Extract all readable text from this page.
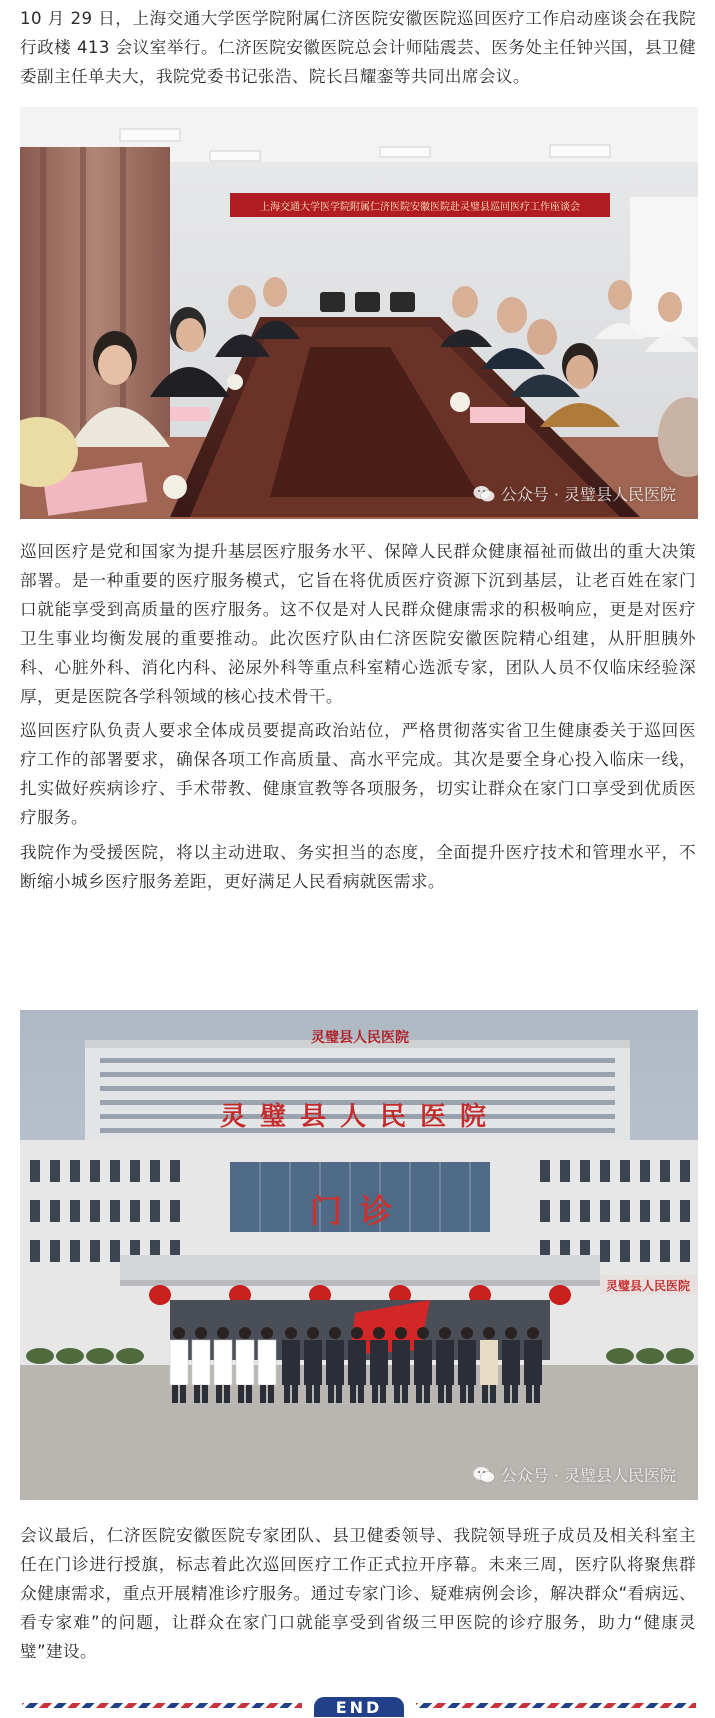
10 月 29 日，上海交通大学医学院附属仁济医院安徽医院巡回医疗工作启动座谈会在我院行政楼 413 会议室举行。仁济医院安徽医院总会计师陆震芸、医务处主任钟兴国，县卫健委副主任单夫大，我院党委书记张浩、院长吕耀銮等共同出席会议。

上海交通大学医学院附属仁济医院安徽医院赴灵璧县巡回医疗工作座谈会
公众号 · 灵璧县人民医院

巡回医疗是党和国家为提升基层医疗服务水平、保障人民群众健康福祉而做出的重大决策部署。是一种重要的医疗服务模式，它旨在将优质医疗资源下沉到基层，让老百姓在家门口就能享受到高质量的医疗服务。这不仅是对人民群众健康需求的积极响应，更是对医疗卫生事业均衡发展的重要推动。此次医疗队由仁济医院安徽医院精心组建，从肝胆胰外科、心脏外科、消化内科、泌尿外科等重点科室精心选派专家，团队人员不仅临床经验深厚，更是医院各学科领域的核心技术骨干。

巡回医疗队负责人要求全体成员要提高政治站位，严格贯彻落实省卫生健康委关于巡回医疗工作的部署要求，确保各项工作高质量、高水平完成。其次是要全身心投入临床一线，扎实做好疾病诊疗、手术带教、健康宣教等各项服务，切实让群众在家门口享受到优质医疗服务。

我院作为受援医院，将以主动进取、务实担当的态度，全面提升医疗技术和管理水平，不断缩小城乡医疗服务差距，更好满足人民看病就医需求。

灵璧县人民医院
灵璧县人民医院
门诊
灵璧县人民医院
公众号 · 灵璧县人民医院

会议最后，仁济医院安徽医院专家团队、县卫健委领导、我院领导班子成员及相关科室主任在门诊进行授旗，标志着此次巡回医疗工作正式拉开序幕。未来三周，医疗队将聚焦群众健康需求，重点开展精准诊疗服务。通过专家门诊、疑难病例会诊，解决群众“看病远、看专家难”的问题，让群众在家门口就能享受到省级三甲医院的诊疗服务，助力“健康灵璧”建设。

END
